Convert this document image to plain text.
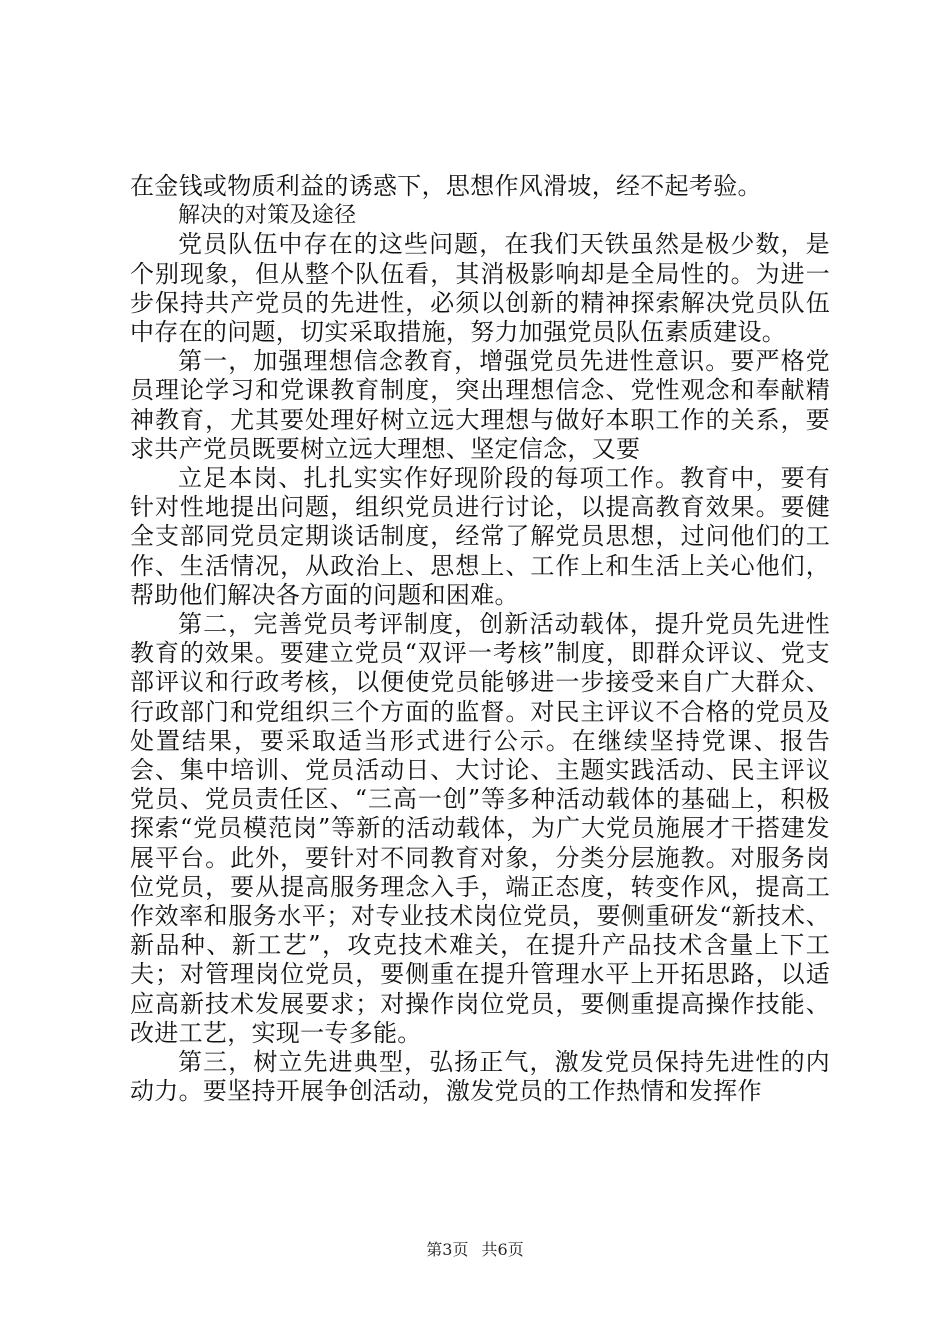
在金钱或物质利益的诱惑下，思想作风滑坡，经不起考验。

解决的对策及途径

党员队伍中存在的这些问题，在我们天铁虽然是极少数，是个别现象，但从整个队伍看，其消极影响却是全局性的。为进一步保持共产党员的先进性，必须以创新的精神探索解决党员队伍中存在的问题，切实采取措施，努力加强党员队伍素质建设。

第一，加强理想信念教育，增强党员先进性意识。要严格党员理论学习和党课教育制度，突出理想信念、党性观念和奉献精神教育，尤其要处理好树立远大理想与做好本职工作的关系，要求共产党员既要树立远大理想、坚定信念，又要

立足本岗、扎扎实实作好现阶段的每项工作。教育中，要有针对性地提出问题，组织党员进行讨论，以提高教育效果。要健全支部同党员定期谈话制度，经常了解党员思想，过问他们的工作、生活情况，从政治上、思想上、工作上和生活上关心他们，帮助他们解决各方面的问题和困难。

第二，完善党员考评制度，创新活动载体，提升党员先进性教育的效果。要建立党员“双评一考核”制度，即群众评议、党支部评议和行政考核，以便使党员能够进一步接受来自广大群众、行政部门和党组织三个方面的监督。对民主评议不合格的党员及处置结果，要采取适当形式进行公示。在继续坚持党课、报告会、集中培训、党员活动日、大讨论、主题实践活动、民主评议党员、党员责任区、“三高一创”等多种活动载体的基础上，积极探索“党员模范岗”等新的活动载体，为广大党员施展才干搭建发展平台。此外，要针对不同教育对象，分类分层施教。对服务岗位党员，要从提高服务理念入手，端正态度，转变作风，提高工作效率和服务水平；对专业技术岗位党员，要侧重研发“新技术、新品种、新工艺”，攻克技术难关，在提升产品技术含量上下工夫；对管理岗位党员，要侧重在提升管理水平上开拓思路，以适应高新技术发展要求；对操作岗位党员，要侧重提高操作技能、改进工艺，实现一专多能。

第三，树立先进典型，弘扬正气，激发党员保持先进性的内动力。要坚持开展争创活动，激发党员的工作热情和发挥作

第3页 共6页
